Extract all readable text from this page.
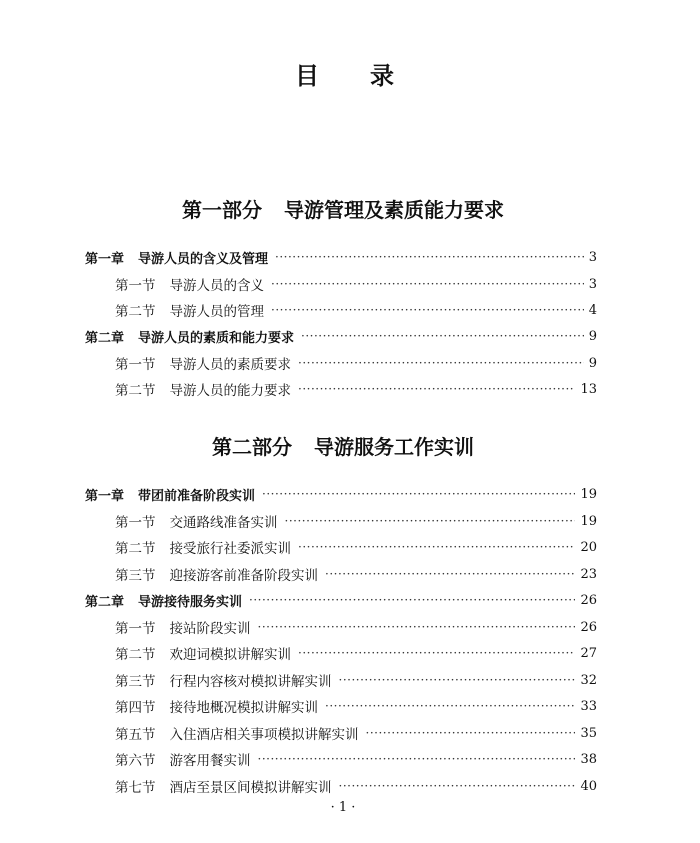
目　　录
第一部分 导游管理及素质能力要求
第一章 导游人员的含义及管理 ·····	3
第一节 导游人员的含义 ·····	3
第二节 导游人员的管理 ·····	4
第二章 导游人员的素质和能力要求 ·····	9
第一节 导游人员的素质要求 ·····	9
第二节 导游人员的能力要求 ·····	13
第二部分 导游服务工作实训
第一章 带团前准备阶段实训 ·····	19
第一节 交通路线准备实训 ·····	19
第二节 接受旅行社委派实训 ·····	20
第三节 迎接游客前准备阶段实训 ·····	23
第二章 导游接待服务实训 ·····	26
第一节 接站阶段实训 ·····	26
第二节 欢迎词模拟讲解实训 ·····	27
第三节 行程内容核对模拟讲解实训 ·····	32
第四节 接待地概况模拟讲解实训 ·····	33
第五节 入住酒店相关事项模拟讲解实训 ·····	35
第六节 游客用餐实训 ·····	38
第七节 酒店至景区间模拟讲解实训 ·····	40
· 1 ·
